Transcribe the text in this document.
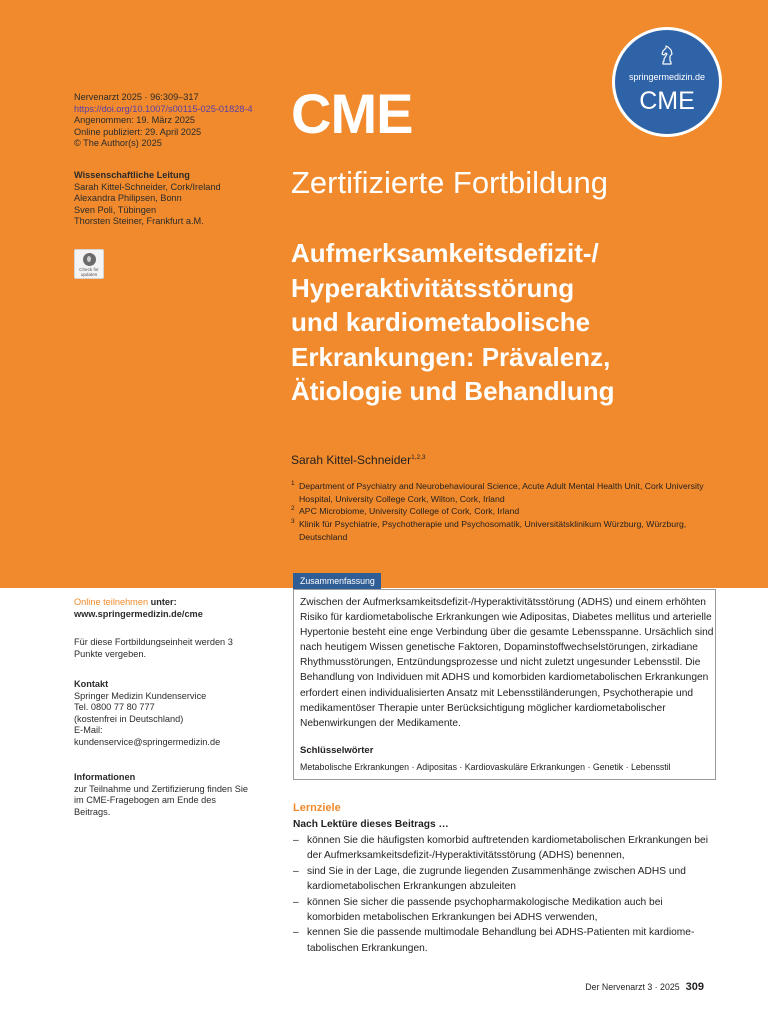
Nervenarzt 2025 · 96:309–317
https://doi.org/10.1007/s00115-025-01828-4
Angenommen: 19. März 2025
Online publiziert: 29. April 2025
© The Author(s) 2025
Wissenschaftliche Leitung
Sarah Kittel-Schneider, Cork/Ireland
Alexandra Philipsen, Bonn
Sven Poli, Tübingen
Thorsten Steiner, Frankfurt a.M.
Check for updates
CME
Zertifizierte Fortbildung
Aufmerksamkeitsdefizit-/
Hyperaktivitätsstörung
und kardiometabolische
Erkrankungen: Prävalenz,
Ätiologie und Behandlung
springermedizin.de
CME
Sarah Kittel-Schneider$^{1,2,3}$
1 Department of Psychiatry and Neurobehavioural Science, Acute Adult Mental Health Unit, Cork University Hospital, University College Cork, Wilton, Cork, Irland
2 APC Microbiome, University College of Cork, Cork, Irland
3 Klinik für Psychiatrie, Psychotherapie und Psychosomatik, Universitätsklinikum Würzburg, Würzburg, Deutschland
Zusammenfassung
Zwischen der Aufmerksamkeitsdefizit-/Hyperaktivitätsstörung (ADHS) und einem erhöhten Risiko für kardiometabolische Erkrankungen wie Adipositas, Diabetes mellitus und arterielle Hypertonie besteht eine enge Verbindung über die gesamte Lebensspanne. Ursächlich sind nach heutigem Wissen genetische Faktoren, Dopaminstoffwechselstörungen, zirkadiane Rhythmusstörungen, Entzündungsprozesse und nicht zuletzt ungesunder Lebensstil. Die Behandlung von Individuen mit ADHS und komorbiden kardiometabolischen Erkrankungen erfordert einen individualisierten Ansatz mit Lebensstiländerungen, Psychotherapie und medikamentöser Therapie unter Berücksichtigung möglicher kardiometabolischer Nebenwirkungen der Medikamente.
Schlüsselwörter
Metabolische Erkrankungen · Adipositas · Kardiovaskuläre Erkrankungen · Genetik · Lebensstil
Online teilnehmen unter:
www.springermedizin.de/cme
Für diese Fortbildungseinheit werden 3 Punkte vergeben.
Kontakt
Springer Medizin Kundenservice
Tel. 0800 77 80 777
(kostenfrei in Deutschland)
E-Mail:
kundenservice@springermedizin.de
Informationen
zur Teilnahme und Zertifizierung finden Sie im CME-Fragebogen am Ende des Beitrags.	Lernziele
Nach Lektüre dieses Beitrags …
– können Sie die häufigsten komorbid auftretenden kardiometabolischen Erkrankungen bei der Aufmerksamkeitsdefizit-/Hyperaktivitätsstörung (ADHS) benennen,
– sind Sie in der Lage, die zugrunde liegenden Zusammenhänge zwischen ADHS und kardiometabolischen Erkrankungen abzuleiten
– können Sie sicher die passende psychopharmakologische Medikation auch bei komorbiden metabolischen Erkrankungen bei ADHS verwenden,
– kennen Sie die passende multimodale Behandlung bei ADHS-Patienten mit kardiome-tabolischen Erkrankungen.
Der Nervenarzt 3 · 2025 309
